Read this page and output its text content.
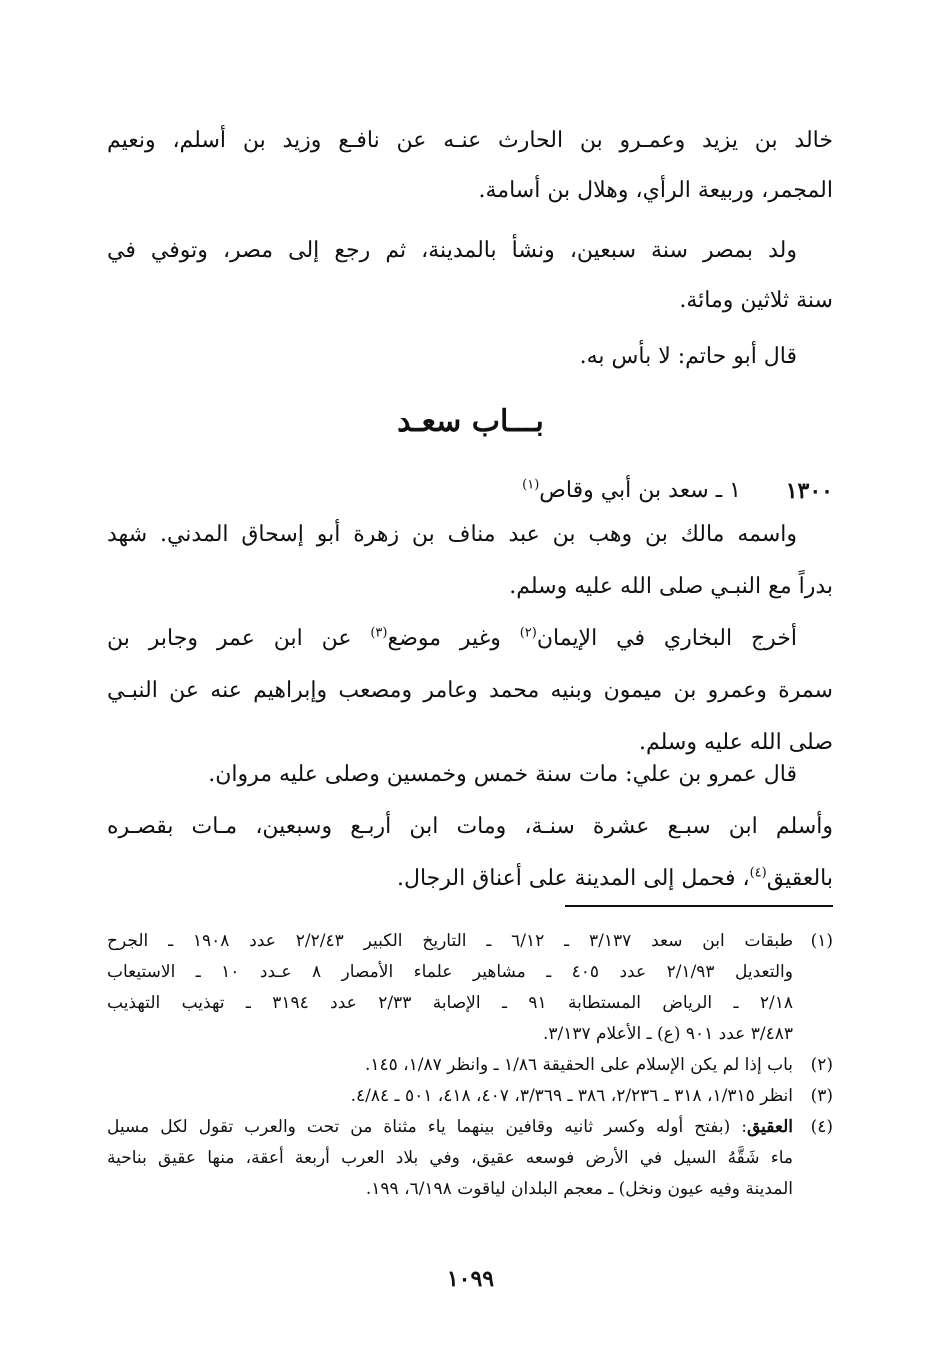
خالد بن يزيد وعمـرو بن الحارث عنـه عن نافـع وزيد بن أسلم، ونعيم
المجمر، وربيعة الرأي، وهلال بن أسامة.
ولد بمصر سنة سبعين، ونشأ بالمدينة، ثم رجع إلى مصر، وتوفي في
سنة ثلاثين ومائة.
قال أبو حاتم: لا بأس به.
بـــاب سعـد
١٣٠٠
١ ـ سعد بن أبي وقاص$^{(١)}$
واسمه مالك بن وهب بن عبد مناف بن زهرة أبو إسحاق المدني. شهد
بدراً مع النبـي صلى الله عليه وسلم.
أخرج البخاري في الإيمان$^{(٢)}$ وغير موضع$^{(٣)}$ عن ابن عمر وجابر بن
سمرة وعمرو بن ميمون وبنيه محمد وعامر ومصعب وإبراهيم عنه عن النبـي
صلى الله عليه وسلم.
قال عمرو بن علي: مات سنة خمس وخمسين وصلى عليه مروان.
وأسلم ابن سبـع عشرة سنـة، ومات ابن أربـع وسبعين، مـات بقصـره
بالعقيق$^{(٤)}$، فحمل إلى المدينة على أعناق الرجال.
(١)
طبقات ابن سعد ٣/١٣٧ ـ ٦/١٢ ـ التاريخ الكبير ٢/٢/٤٣ عدد ١٩٠٨ ـ الجرح
والتعديل ٢/١/٩٣ عدد ٤٠٥ ـ مشاهير علماء الأمصار ٨ عـدد ١٠ ـ الاستيعاب
٢/١٨ ـ الرياض المستطابة ٩١ ـ الإصابة ٢/٣٣ عدد ٣١٩٤ ـ تهذيب التهذيب
٣/٤٨٣ عدد ٩٠١ (ع) ـ الأعلام ٣/١٣٧.
(٢)
باب إذا لم يكن الإسلام على الحقيقة ١/٨٦ ـ وانظر ١/٨٧، ١٤٥.
(٣)
انظر ١/٣١٥، ٣١٨ ـ ٢/٢٣٦، ٣٨٦ ـ ٣/٣٦٩، ٤٠٧، ٤١٨، ٥٠١ ـ ٤/٨٤.
(٤)
العقيق: (بفتح أوله وكسر ثانيه وقافين بينهما ياء مثناة من تحت والعرب تقول لكل مسيل
ماء شَقَّهُ السيل في الأرض فوسعه عقيق، وفي بلاد العرب أربعة أعقة، منها عقيق بناحية
المدينة وفيه عيون ونخل) ـ معجم البلدان لياقوت ٦/١٩٨، ١٩٩.
١٠٩٩
